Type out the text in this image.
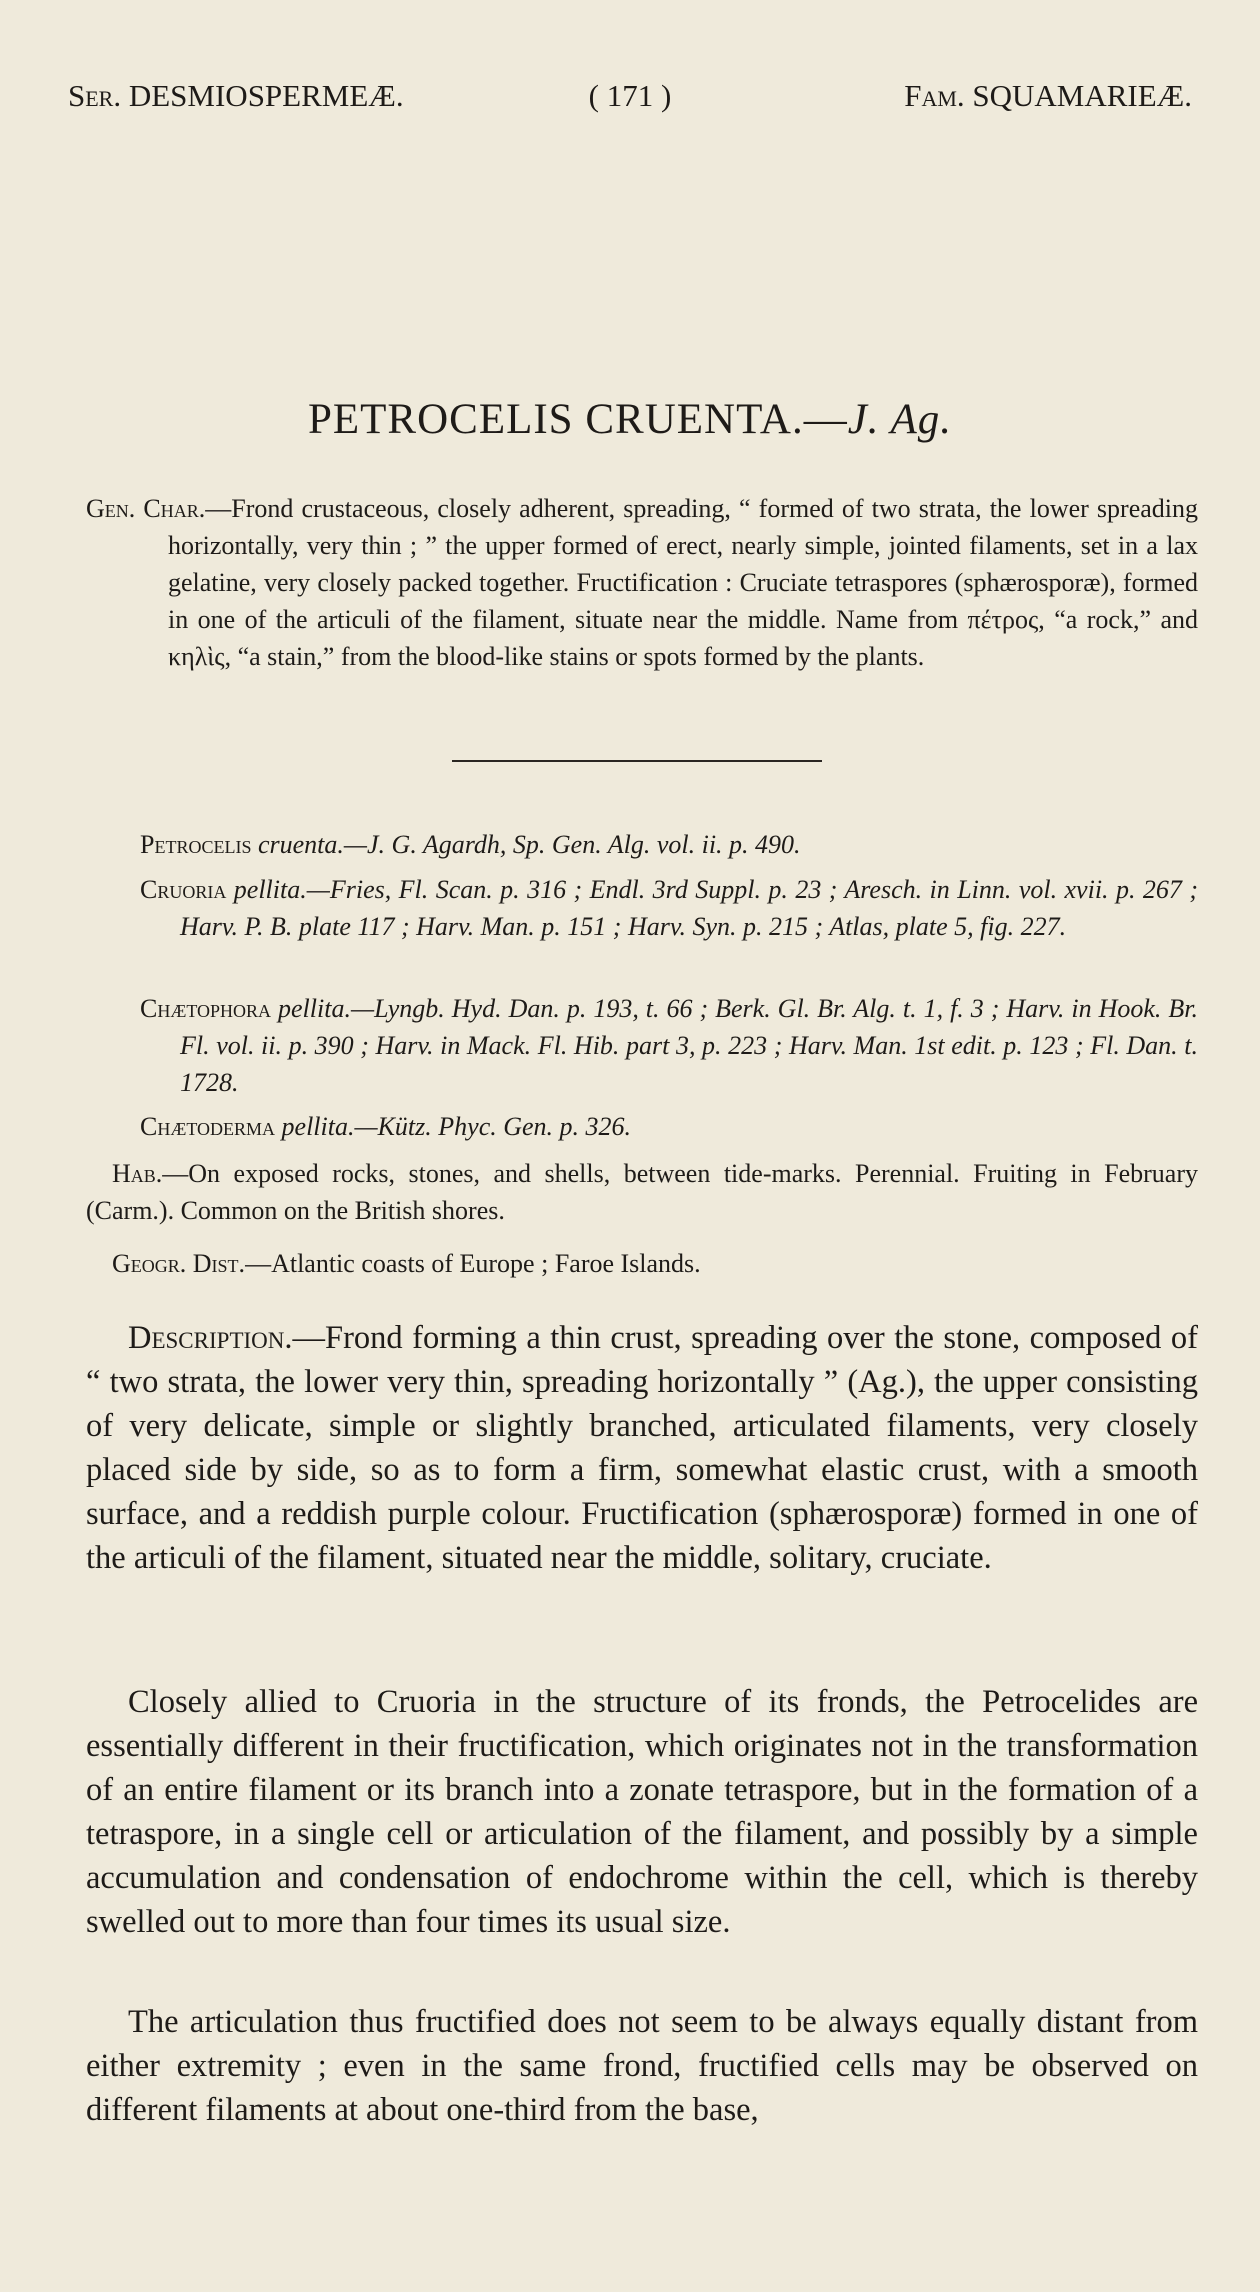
Ser. DESMIOSPERMEÆ.	( 171 )	Fam. SQUAMARIEÆ.
PETROCELIS CRUENTA.—J. Ag.

Gen. Char.—Frond crustaceous, closely adherent, spreading, “ formed of two strata, the lower spreading horizontally, very thin ; ” the upper formed of erect, nearly simple, jointed filaments, set in a lax gelatine, very closely packed together. Fructification : Cruciate tetraspores (sphærosporæ), formed in one of the articuli of the filament, situate near the middle. Name from πέτρος, “a rock,” and κηλὶς, “a stain,” from the blood-like stains or spots formed by the plants.

Petrocelis cruenta.—J. G. Agardh, Sp. Gen. Alg. vol. ii. p. 490.

Cruoria pellita.—Fries, Fl. Scan. p. 316 ; Endl. 3rd Suppl. p. 23 ; Aresch. in Linn. vol. xvii. p. 267 ; Harv. P. B. plate 117 ; Harv. Man. p. 151 ; Harv. Syn. p. 215 ; Atlas, plate 5, fig. 227.

Chætophora pellita.—Lyngb. Hyd. Dan. p. 193, t. 66 ; Berk. Gl. Br. Alg. t. 1, f. 3 ; Harv. in Hook. Br. Fl. vol. ii. p. 390 ; Harv. in Mack. Fl. Hib. part 3, p. 223 ; Harv. Man. 1st edit. p. 123 ; Fl. Dan. t. 1728.

Chætoderma pellita.—Kütz. Phyc. Gen. p. 326.

Hab.—On exposed rocks, stones, and shells, between tide-marks. Perennial. Fruiting in February (Carm.). Common on the British shores.

Geogr. Dist.—Atlantic coasts of Europe ; Faroe Islands.

Description.—Frond forming a thin crust, spreading over the stone, composed of “ two strata, the lower very thin, spreading horizontally ” (Ag.), the upper consisting of very delicate, simple or slightly branched, articulated filaments, very closely placed side by side, so as to form a firm, somewhat elastic crust, with a smooth surface, and a reddish purple colour. Fructification (sphærosporæ) formed in one of the articuli of the filament, situated near the middle, solitary, cruciate.

Closely allied to Cruoria in the structure of its fronds, the Petrocelides are essentially different in their fructification, which originates not in the transformation of an entire filament or its branch into a zonate tetraspore, but in the formation of a tetraspore, in a single cell or articulation of the filament, and possibly by a simple accumulation and condensation of endochrome within the cell, which is thereby swelled out to more than four times its usual size.

The articulation thus fructified does not seem to be always equally distant from either extremity ; even in the same frond, fructified cells may be observed on different filaments at about one-third from the base,
